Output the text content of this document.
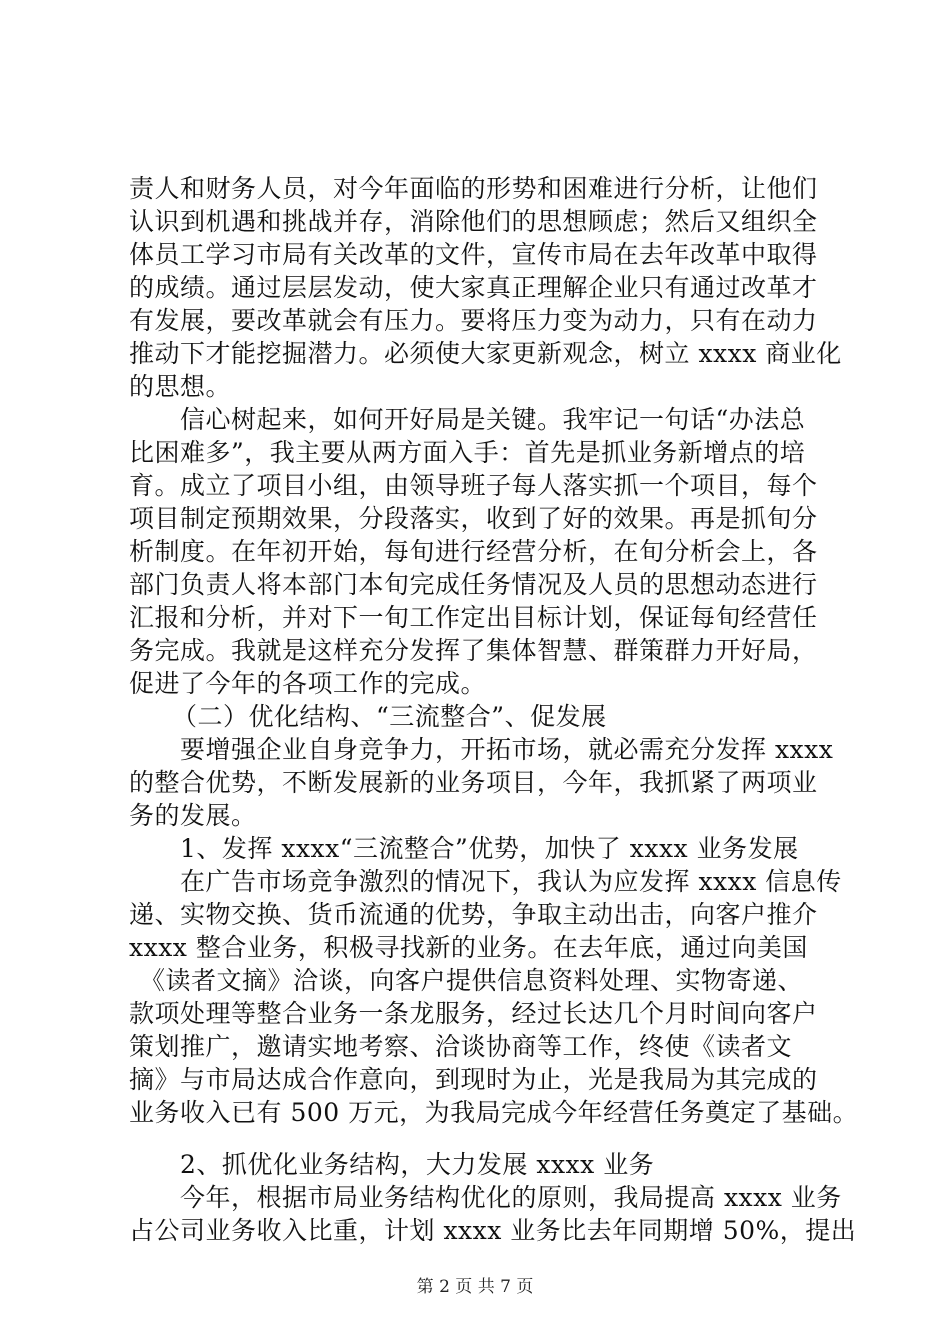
责人和财务人员，对今年面临的形势和困难进行分析，让他们
认识到机遇和挑战并存，消除他们的思想顾虑；然后又组织全
体员工学习市局有关改革的文件，宣传市局在去年改革中取得
的成绩。通过层层发动，使大家真正理解企业只有通过改革才
有发展，要改革就会有压力。要将压力变为动力，只有在动力
推动下才能挖掘潜力。必须使大家更新观念，树立 xxxx 商业化
的思想。
信心树起来，如何开好局是关键。我牢记一句话“办法总
比困难多”，我主要从两方面入手：首先是抓业务新增点的培
育。成立了项目小组，由领导班子每人落实抓一个项目，每个
项目制定预期效果，分段落实，收到了好的效果。再是抓旬分
析制度。在年初开始，每旬进行经营分析，在旬分析会上，各
部门负责人将本部门本旬完成任务情况及人员的思想动态进行
汇报和分析，并对下一旬工作定出目标计划，保证每旬经营任
务完成。我就是这样充分发挥了集体智慧、群策群力开好局，
促进了今年的各项工作的完成。
（二）优化结构、“三流整合”、促发展
要增强企业自身竞争力，开拓市场，就必需充分发挥 xxxx
的整合优势，不断发展新的业务项目，今年，我抓紧了两项业
务的发展。
1、发挥 xxxx“三流整合”优势，加快了 xxxx 业务发展
在广告市场竞争激烈的情况下，我认为应发挥 xxxx 信息传
递、实物交换、货币流通的优势，争取主动出击，向客户推介
xxxx 整合业务，积极寻找新的业务。在去年底，通过向美国
《读者文摘》洽谈，向客户提供信息资料处理、实物寄递、
款项处理等整合业务一条龙服务，经过长达几个月时间向客户
策划推广，邀请实地考察、洽谈协商等工作，终使《读者文
摘》与市局达成合作意向，到现时为止，光是我局为其完成的
业务收入已有 500 万元，为我局完成今年经营任务奠定了基础。
2、抓优化业务结构，大力发展 xxxx 业务
今年，根据市局业务结构优化的原则，我局提高 xxxx 业务
占公司业务收入比重，计划 xxxx 业务比去年同期增 50%，提出
第 2 页 共 7 页
